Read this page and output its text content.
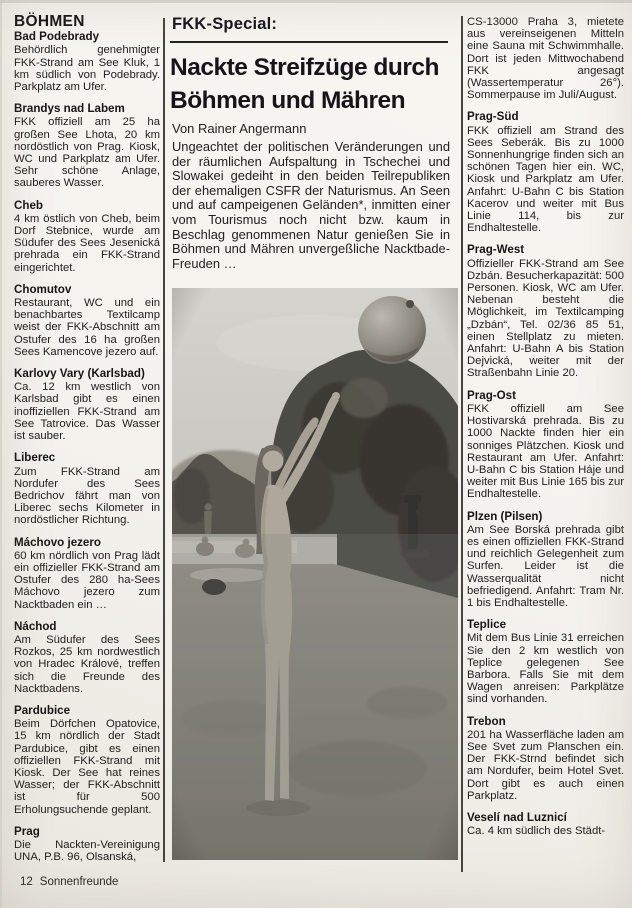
BÖHMEN
Bad Podebrady

Behördlich genehmigter FKK-Strand am See Kluk, 1 km südlich von Podebrady. Parkplatz am Ufer.

Brandys nad Labem

FKK offiziell am 25 ha großen See Lhota, 20 km nordöstlich von Prag. Kiosk, WC und Parkplatz am Ufer. Sehr schöne Anlage, sauberes Wasser.

Cheb

4 km östlich von Cheb, beim Dorf Stebnice, wurde am Südufer des Sees Jesenická prehrada ein FKK-Strand eingerichtet.

Chomutov

Restaurant, WC und ein benachbartes Textilcamp weist der FKK-Abschnitt am Ostufer des 16 ha großen Sees Kamencove jezero auf.

Karlovy Vary (Karlsbad)

Ca. 12 km westlich von Karlsbad gibt es einen inoffiziellen FKK-Strand am See Tatrovice. Das Wasser ist sauber.

Liberec

Zum FKK-Strand am Nordufer des Sees Bedrichov fährt man von Liberec sechs Kilometer in nordöstlicher Richtung.

Máchovo jezero

60 km nördlich von Prag lädt ein offizieller FKK-Strand am Ostufer des 280 ha-Sees Máchovo jezero zum Nacktbaden ein …

Náchod

Am Südufer des Sees Rozkos, 25 km nordwestlich von Hradec Králové, treffen sich die Freunde des Nacktbadens.

Pardubice

Beim Dörfchen Opatovice, 15 km nördlich der Stadt Pardubice, gibt es einen offiziellen FKK-Strand mit Kiosk. Der See hat reines Wasser; der FKK-Abschnitt ist für 500 Erholungsuchende geplant.

Prag

Die Nackten-Vereinigung UNA, P.B. 96, Olsanská,

FKK-Special:
Nackte Streifzüge durch
Böhmen und Mähren
Von Rainer Angermann
Ungeachtet der politischen Veränderungen und der räumlichen Aufspaltung in Tschechei und Slowakei gedeiht in den beiden Teilrepubliken der ehemaligen CSFR der Naturismus. An Seen und auf campeigenen Geländen*, inmitten einer vom Tourismus noch nicht bzw. kaum in Beschlag genommenen Natur genießen Sie in Böhmen und Mähren unvergeßliche Nacktbade-Freuden …

CS-13000 Praha 3, mietete aus vereinseigenen Mitteln eine Sauna mit Schwimmhalle. Dort ist jeden Mittwochabend FKK angesagt (Wassertemperatur 26°). Sommerpause im Juli/August.

Prag-Süd

FKK offiziell am Strand des Sees Seberák. Bis zu 1000 Sonnenhungrige finden sich an schönen Tagen hier ein. WC, Kiosk und Parkplatz am Ufer. Anfahrt: U-Bahn C bis Station Kacerov und weiter mit Bus Linie 114, bis zur Endhaltestelle.

Prag-West

Offizieller FKK-Strand am See Dzbán. Besucherkapazität: 500 Personen. Kiosk, WC am Ufer. Nebenan besteht die Möglichkeit, im Textilcamping „Dzbán“, Tel. 02/36 85 51, einen Stellplatz zu mieten. Anfahrt: U-Bahn A bis Station Dejvická, weiter mit der Straßenbahn Linie 20.

Prag-Ost

FKK offiziell am See Hostivarská prehrada. Bis zu 1000 Nackte finden hier ein sonniges Plätzchen. Kiosk und Restaurant am Ufer. Anfahrt: U-Bahn C bis Station Háje und weiter mit Bus Linie 165 bis zur Endhaltestelle.

Plzen (Pilsen)

Am See Borská prehrada gibt es einen offiziellen FKK-Strand und reichlich Gelegenheit zum Surfen. Leider ist die Wasserqualität nicht befriedigend. Anfahrt: Tram Nr. 1 bis Endhaltestelle.

Teplice

Mit dem Bus Linie 31 erreichen Sie den 2 km westlich von Teplice gelegenen See Barbora. Falls Sie mit dem Wagen anreisen: Parkplätze sind vorhanden.

Trebon

201 ha Wasserfläche laden am See Svet zum Planschen ein. Der FKK-Strnd befindet sich am Nordufer, beim Hotel Svet. Dort gibt es auch einen Parkplatz.

Veselí nad Luznicí

Ca. 4 km südlich des Städt-

12 Sonnenfreunde
